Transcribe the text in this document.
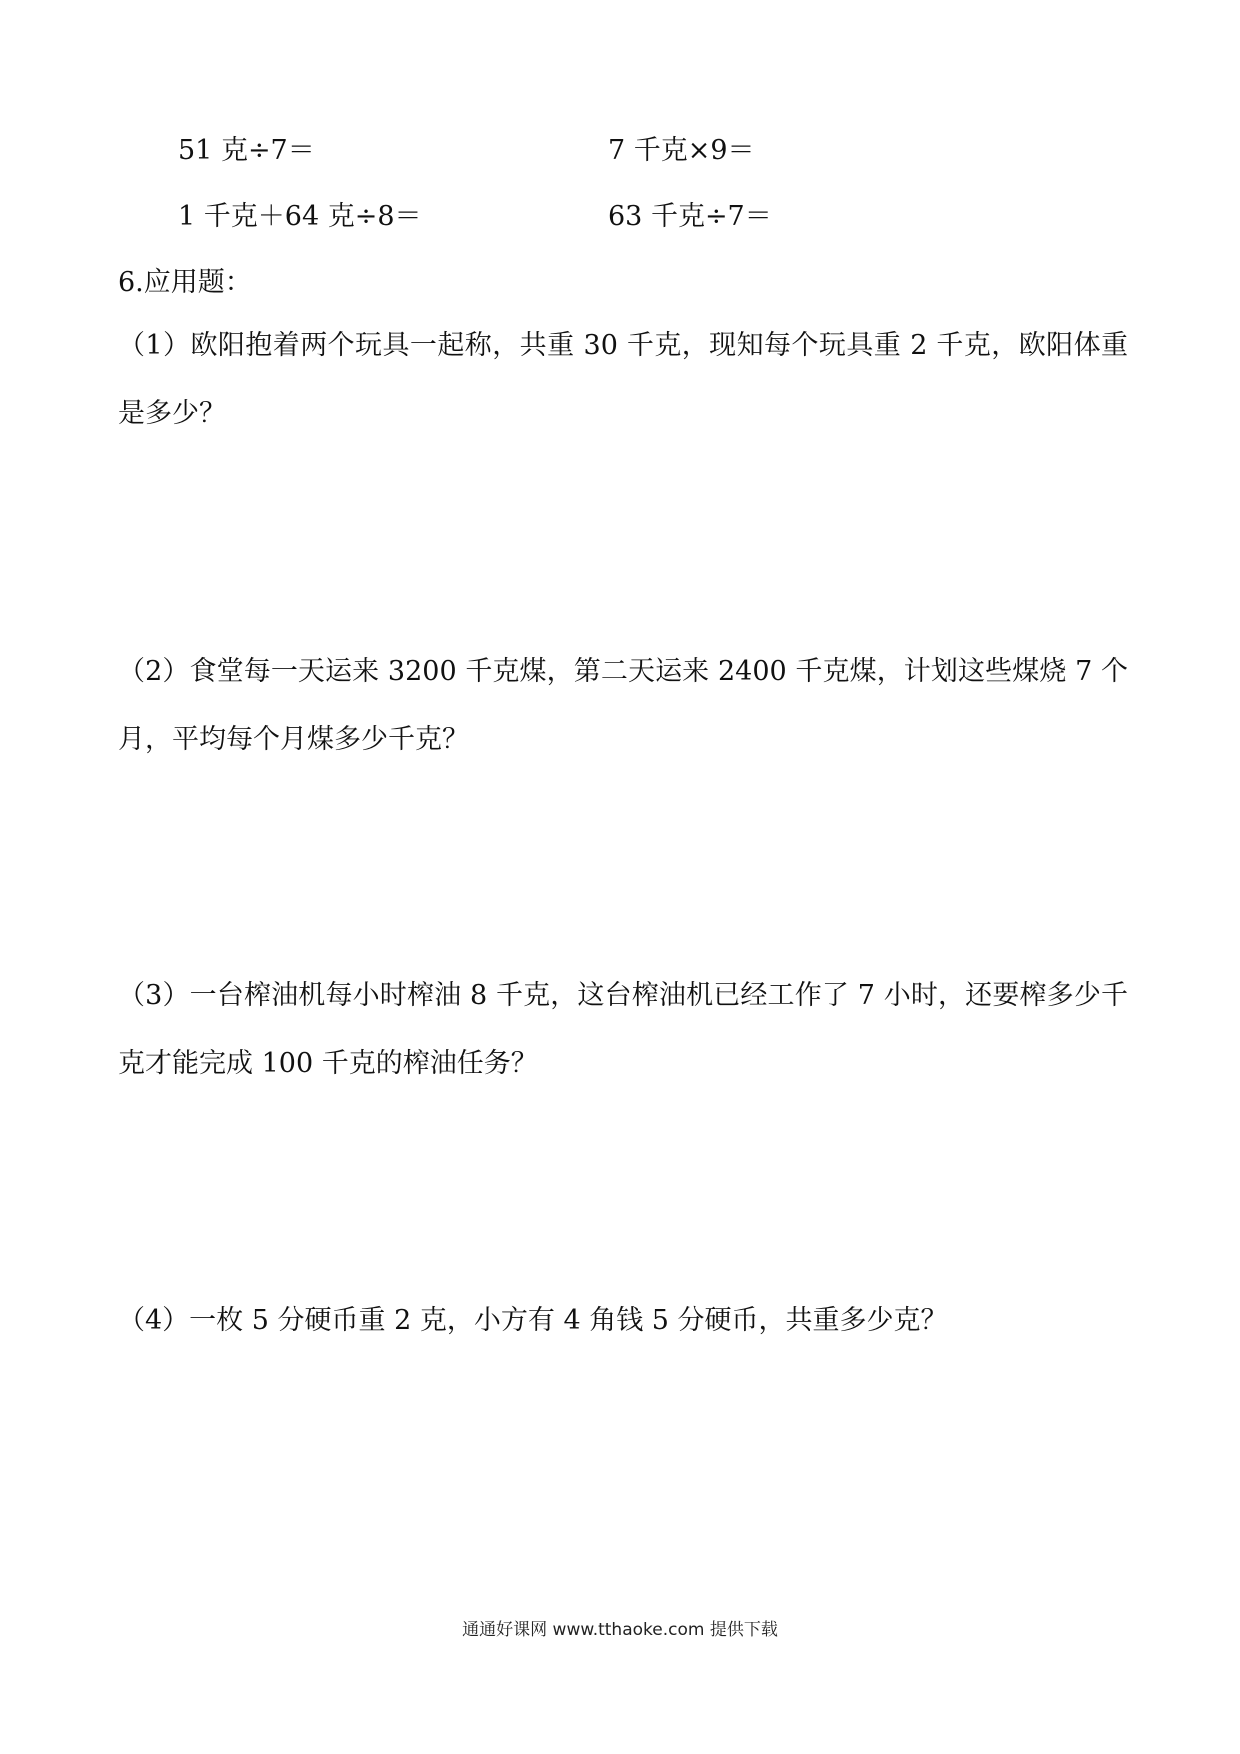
51 克÷7＝	7 千克×9＝
1 千克＋64 克÷8＝	63 千克÷7＝
6.应用题：
（1）欧阳抱着两个玩具一起称，共重 30 千克，现知每个玩具重 2 千克，欧阳体重是多少？
（2）食堂每一天运来 3200 千克煤，第二天运来 2400 千克煤，计划这些煤烧 7 个月，平均每个月煤多少千克？
（3）一台榨油机每小时榨油 8 千克，这台榨油机已经工作了 7 小时，还要榨多少千克才能完成 100 千克的榨油任务？
（4）一枚 5 分硬币重 2 克，小方有 4 角钱 5 分硬币，共重多少克？
通通好课网 www.tthaoke.com 提供下载
